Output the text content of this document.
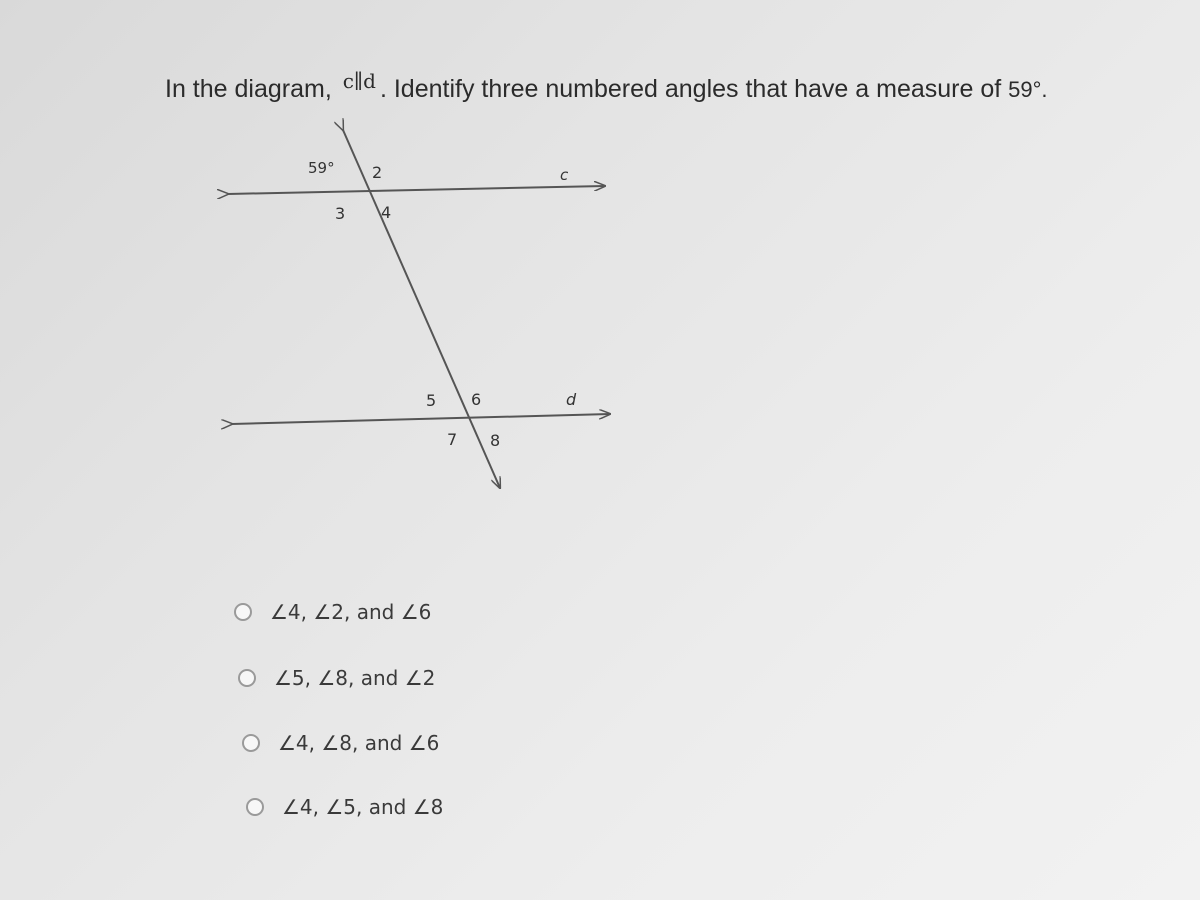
In the diagram, c∥d . Identify three numbered angles that have a measure of 59°.
59°	c
d
2
3 4
5 6
7 8
∠4, ∠2, and ∠6
∠5, ∠8, and ∠2
∠4, ∠8, and ∠6
∠4, ∠5, and ∠8
